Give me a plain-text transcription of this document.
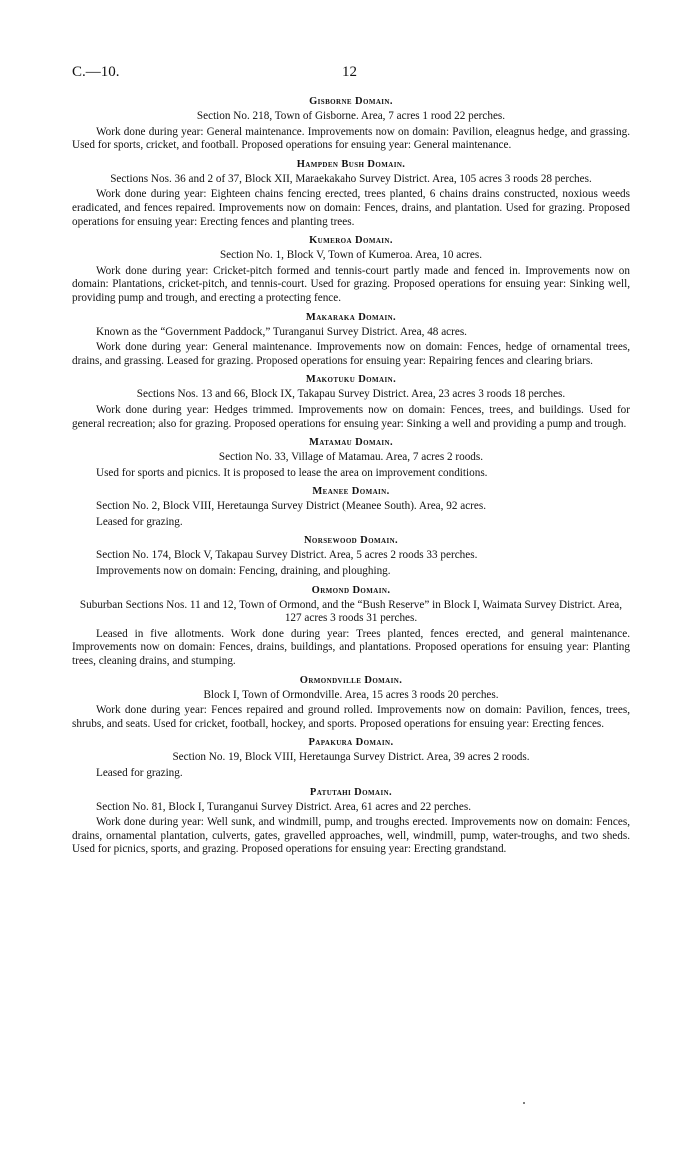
C.—10.	12
Gisborne Domain.
Section No. 218, Town of Gisborne. Area, 7 acres 1 rood 22 perches.

Work done during year: General maintenance. Improvements now on domain: Pavilion, eleagnus hedge, and grassing. Used for sports, cricket, and football. Proposed operations for ensuing year: General maintenance.

Hampden Bush Domain.
Sections Nos. 36 and 2 of 37, Block XII, Maraekakaho Survey District. Area, 105 acres 3 roods 28 perches.

Work done during year: Eighteen chains fencing erected, trees planted, 6 chains drains constructed, noxious weeds eradicated, and fences repaired. Improvements now on domain: Fences, drains, and plantation. Used for grazing. Proposed operations for ensuing year: Erecting fences and planting trees.

Kumeroa Domain.
Section No. 1, Block V, Town of Kumeroa. Area, 10 acres.

Work done during year: Cricket-pitch formed and tennis-court partly made and fenced in. Improvements now on domain: Plantations, cricket-pitch, and tennis-court. Used for grazing. Proposed operations for ensuing year: Sinking well, providing pump and trough, and erecting a protecting fence.

Makaraka Domain.
Known as the “Government Paddock,” Turanganui Survey District. Area, 48 acres.

Work done during year: General maintenance. Improvements now on domain: Fences, hedge of ornamental trees, drains, and grassing. Leased for grazing. Proposed operations for ensuing year: Repairing fences and clearing briars.

Makotuku Domain.
Sections Nos. 13 and 66, Block IX, Takapau Survey District. Area, 23 acres 3 roods 18 perches.

Work done during year: Hedges trimmed. Improvements now on domain: Fences, trees, and buildings. Used for general recreation; also for grazing. Proposed operations for ensuing year: Sinking a well and providing a pump and trough.

Matamau Domain.
Section No. 33, Village of Matamau. Area, 7 acres 2 roods.

Used for sports and picnics. It is proposed to lease the area on improvement conditions.

Meanee Domain.
Section No. 2, Block VIII, Heretaunga Survey District (Meanee South). Area, 92 acres.

Leased for grazing.

Norsewood Domain.
Section No. 174, Block V, Takapau Survey District. Area, 5 acres 2 roods 33 perches.

Improvements now on domain: Fencing, draining, and ploughing.

Ormond Domain.
Suburban Sections Nos. 11 and 12, Town of Ormond, and the “Bush Reserve” in Block I, Waimata Survey District. Area, 127 acres 3 roods 31 perches.

Leased in five allotments. Work done during year: Trees planted, fences erected, and general maintenance. Improvements now on domain: Fences, drains, buildings, and plantations. Proposed operations for ensuing year: Planting trees, cleaning drains, and stumping.

Ormondville Domain.
Block I, Town of Ormondville. Area, 15 acres 3 roods 20 perches.

Work done during year: Fences repaired and ground rolled. Improvements now on domain: Pavilion, fences, trees, shrubs, and seats. Used for cricket, football, hockey, and sports. Proposed operations for ensuing year: Erecting fences.

Papakura Domain.
Section No. 19, Block VIII, Heretaunga Survey District. Area, 39 acres 2 roods.

Leased for grazing.

Patutahi Domain.
Section No. 81, Block I, Turanganui Survey District. Area, 61 acres and 22 perches.

Work done during year: Well sunk, and windmill, pump, and troughs erected. Improvements now on domain: Fences, drains, ornamental plantation, culverts, gates, gravelled approaches, well, windmill, pump, water-troughs, and two sheds. Used for picnics, sports, and grazing. Proposed operations for ensuing year: Erecting grandstand.
